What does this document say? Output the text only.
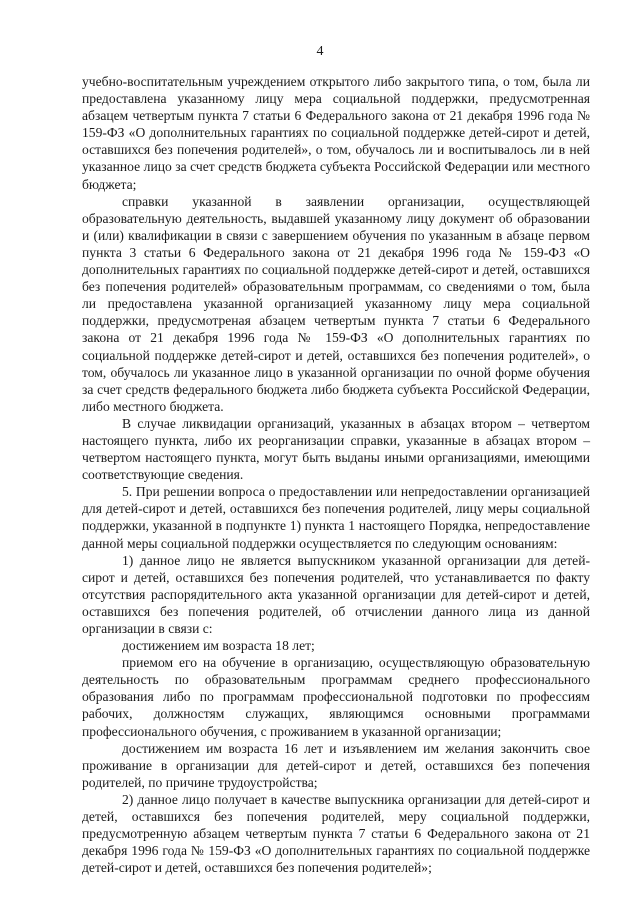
4

учебно-воспитательным учреждением открытого либо закрытого типа, о том, была ли предоставлена указанному лицу мера социальной поддержки, предусмотренная абзацем четвертым пункта 7 статьи 6 Федерального закона от 21 декабря 1996 года № 159-ФЗ «О дополнительных гарантиях по социальной поддержке детей-сирот и детей, оставшихся без попечения родителей», о том, обучалось ли и воспитывалось ли в ней указанное лицо за счет средств бюджета субъекта Российской Федерации или местного бюджета;

справки указанной в заявлении организации, осуществляющей образовательную деятельность, выдавшей указанному лицу документ об образовании и (или) квалификации в связи с завершением обучения по указанным в абзаце первом пункта 3 статьи 6 Федерального закона от 21 декабря 1996 года № 159-ФЗ «О дополнительных гарантиях по социальной поддержке детей-сирот и детей, оставшихся без попечения родителей» образовательным программам, со сведениями о том, была ли предоставлена указанной организацией указанному лицу мера социальной поддержки, предусмотреная абзацем четвертым пункта 7 статьи 6 Федерального закона от 21 декабря 1996 года № 159-ФЗ «О дополнительных гарантиях по социальной поддержке детей-сирот и детей, оставшихся без попечения родителей», о том, обучалось ли указанное лицо в указанной организации по очной форме обучения за счет средств федерального бюджета либо бюджета субъекта Российской Федерации, либо местного бюджета.

В случае ликвидации организаций, указанных в абзацах втором – четвертом настоящего пункта, либо их реорганизации справки, указанные в абзацах втором – четвертом настоящего пункта, могут быть выданы иными организациями, имеющими соответствующие сведения.

5. При решении вопроса о предоставлении или непредоставлении организацией для детей-сирот и детей, оставшихся без попечения родителей, лицу меры социальной поддержки, указанной в подпункте 1) пункта 1 настоящего Порядка, непредоставление данной меры социальной поддержки осуществляется по следующим основаниям:

1) данное лицо не является выпускником указанной организации для детей-сирот и детей, оставшихся без попечения родителей, что устанавливается по факту отсутствия распорядительного акта указанной организации для детей-сирот и детей, оставшихся без попечения родителей, об отчислении данного лица из данной организации в связи с:

достижением им возраста 18 лет;

приемом его на обучение в организацию, осуществляющую образовательную деятельность по образовательным программам среднего профессионального образования либо по программам профессиональной подготовки по профессиям рабочих, должностям служащих, являющимся основными программами профессионального обучения, с проживанием в указанной организации;

достижением им возраста 16 лет и изъявлением им желания закончить свое проживание в организации для детей-сирот и детей, оставшихся без попечения родителей, по причине трудоустройства;

2) данное лицо получает в качестве выпускника организации для детей-сирот и детей, оставшихся без попечения родителей, меру социальной поддержки, предусмотренную абзацем четвертым пункта 7 статьи 6 Федерального закона от 21 декабря 1996 года № 159-ФЗ «О дополнительных гарантиях по социальной поддержке детей-сирот и детей, оставшихся без попечения родителей»;
